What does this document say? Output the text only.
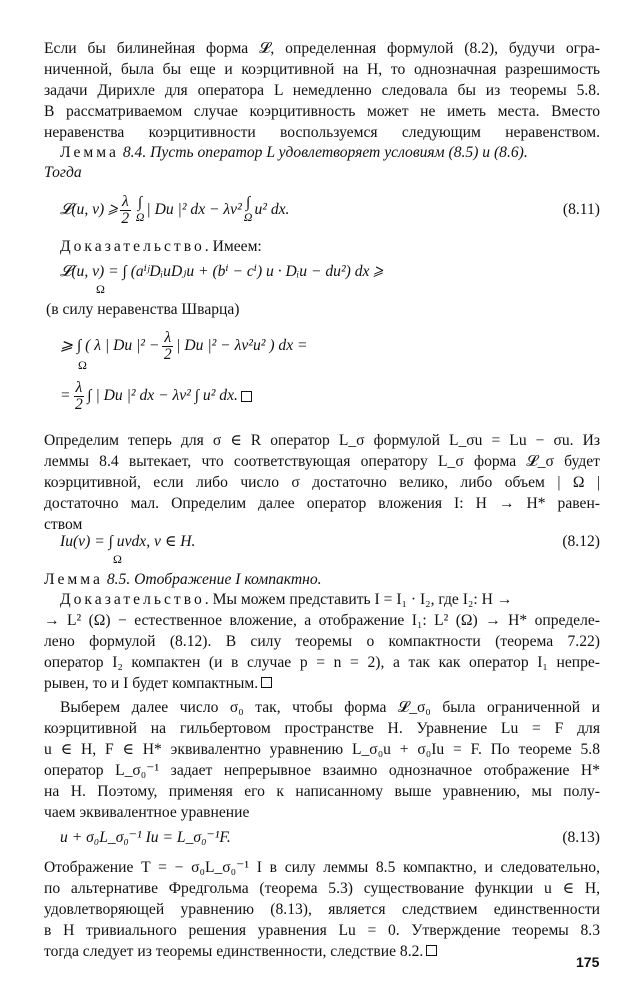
Если бы билинейная форма 𝓛, определенная формулой (8.2), будучи огра-
ниченной, была бы еще и коэрцитивной на H, то однозначная разрешимость
задачи Дирихле для оператора L немедленно следовала бы из теоремы 5.8.
В рассматриваемом случае коэрцитивность может не иметь места. Вместо
неравенства коэрцитивности воспользуемся следующим неравенством.
Лемма 8.4. Пусть оператор L удовлетворяет условиям (8.5) и (8.6).
Тогда
𝓛(u, v) ⩾ $\frac{\lambda}{2}$ ∫
Ω | Du |² dx − λν² ∫
Ω u² dx.	(8.11)
Доказательство. Имеем:
𝓛(u, v) = ∫ (aⁱʲDᵢuDⱼu + (bⁱ − cⁱ) u · Dᵢu − du²) dx ⩾
Ω
(в силу неравенства Шварца)
⩾ ∫ ( λ | Du $|^2 - \frac{\lambda}{2}$ | Du |² − λν²u² ) dx =
Ω
= $\frac{\lambda}{2}$ ∫ | Du |² dx − λν² ∫ u² dx.
Определим теперь для σ ∈ R оператор L_σ формулой L_σu = Lu − σu. Из
леммы 8.4 вытекает, что соответствующая оператору L_σ форма 𝓛_σ будет
коэрцитивной, если либо число σ достаточно велико, либо объем | Ω |
достаточно мал. Определим далее оператор вложения I: H → H* равен-
ством
Iu(v) = ∫ uvdx, v ∈ H.
Ω
(8.12)
Лемма 8.5. Отображение I компактно.
Доказательство. Мы можем представить I = I₁ · I₂, где I₂: H →
→ L² (Ω) − естественное вложение, а отображение I₁: L² (Ω) → H* определе-
лено формулой (8.12). В силу теоремы о компактности (теорема 7.22)
оператор I₂ компактен (и в случае p = n = 2), а так как оператор I₁ непре-
рывен, то и I будет компактным.
Выберем далее число σ₀ так, чтобы форма 𝓛_σ₀ была ограниченной и
коэрцитивной на гильбертовом пространстве H. Уравнение Lu = F для
u ∈ H, F ∈ H* эквивалентно уравнению L_σ₀u + σ₀Iu = F. По теореме 5.8
оператор L_σ₀⁻¹ задает непрерывное взаимно однозначное отображение H*
на H. Поэтому, применяя его к написанному выше уравнению, мы полу-
чаем эквивалентное уравнение
u + σ₀L_σ₀⁻¹ Iu = L_σ₀⁻¹F.	(8.13)
Отображение T = − σ₀L_σ₀⁻¹ I в силу леммы 8.5 компактно, и следовательно,
по альтернативе Фредгольма (теорема 5.3) существование функции u ∈ H,
удовлетворяющей уравнению (8.13), является следствием единственности
в H тривиального решения уравнения Lu = 0. Утверждение теоремы 8.3
тогда следует из теоремы единственности, следствие 8.2.
175
